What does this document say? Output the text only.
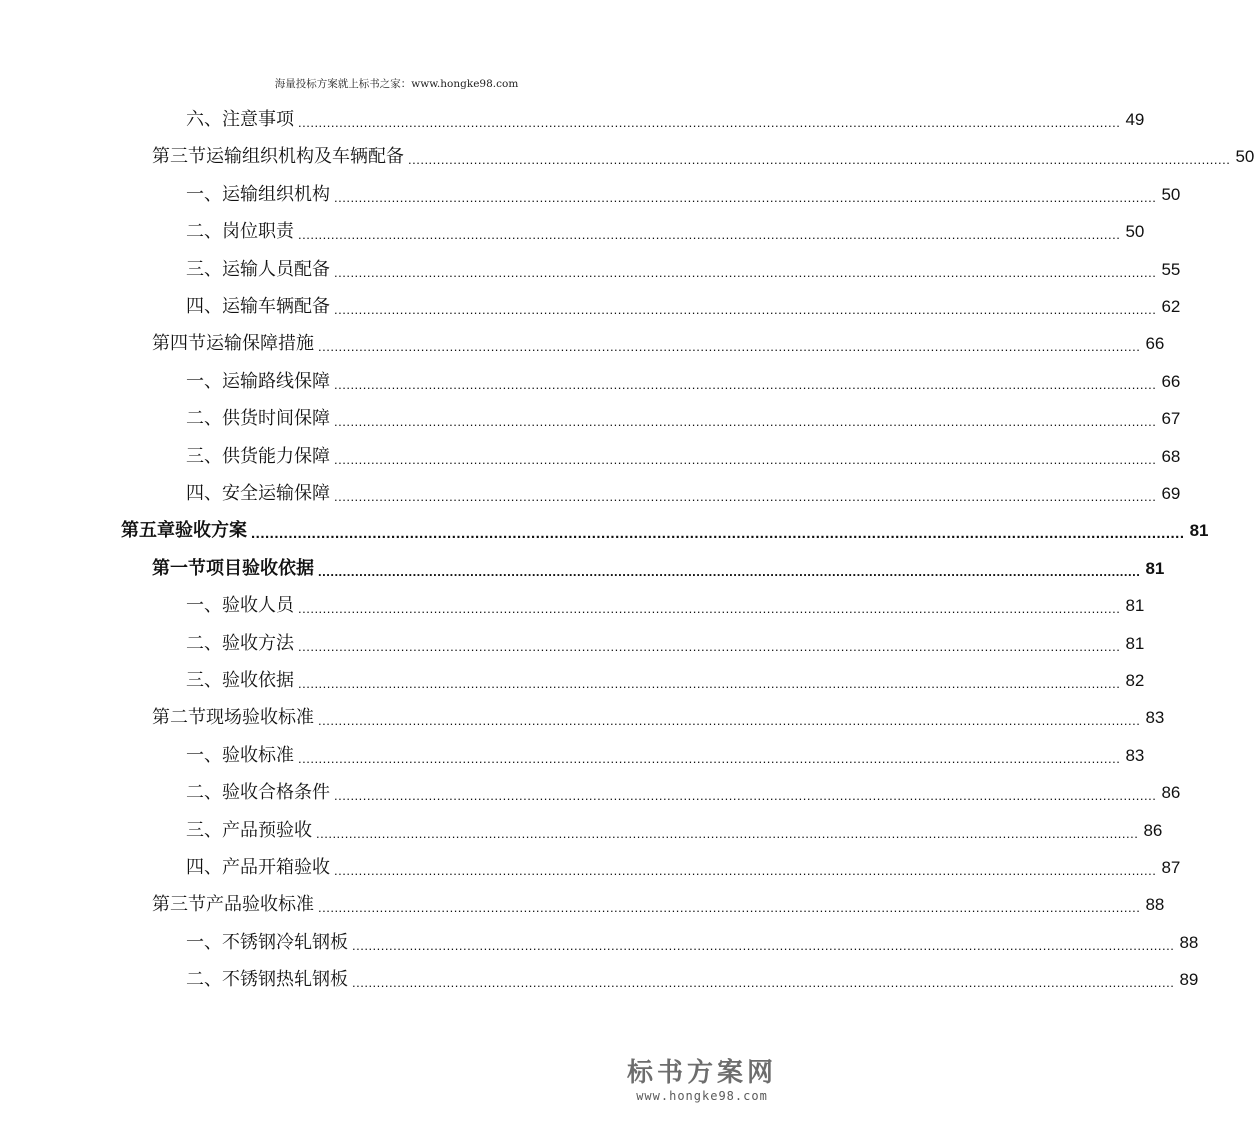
海量投标方案就上标书之家：www.hongke98.com
六、 注意事项 ........................................................................................................................................................................................................ 49
第三节 运输组织机构及车辆配备 ........................................................................................................................................................................................................ 50
一、 运输组织机构 ........................................................................................................................................................................................................ 50
二、 岗位职责 ........................................................................................................................................................................................................ 50
三、 运输人员配备 ........................................................................................................................................................................................................ 55
四、 运输车辆配备 ........................................................................................................................................................................................................ 62
第四节 运输保障措施 ........................................................................................................................................................................................................ 66
一、 运输路线保障 ........................................................................................................................................................................................................ 66
二、 供货时间保障 ........................................................................................................................................................................................................ 67
三、 供货能力保障 ........................................................................................................................................................................................................ 68
四、 安全运输保障 ........................................................................................................................................................................................................ 69
第五章 验收方案 ........................................................................................................................................................................................................ 81
第一节 项目验收依据 ........................................................................................................................................................................................................ 81
一、 验收人员 ........................................................................................................................................................................................................ 81
二、 验收方法 ........................................................................................................................................................................................................ 81
三、 验收依据 ........................................................................................................................................................................................................ 82
第二节 现场验收标准 ........................................................................................................................................................................................................ 83
一、 验收标准 ........................................................................................................................................................................................................ 83
二、 验收合格条件 ........................................................................................................................................................................................................ 86
三、 产品预验收 ........................................................................................................................................................................................................ 86
四、 产品开箱验收 ........................................................................................................................................................................................................ 87
第三节 产品验收标准 ........................................................................................................................................................................................................ 88
一、 不锈钢冷轧钢板 ........................................................................................................................................................................................................ 88
二、 不锈钢热轧钢板 ........................................................................................................................................................................................................ 89
标书方案网
www.hongke98.com
